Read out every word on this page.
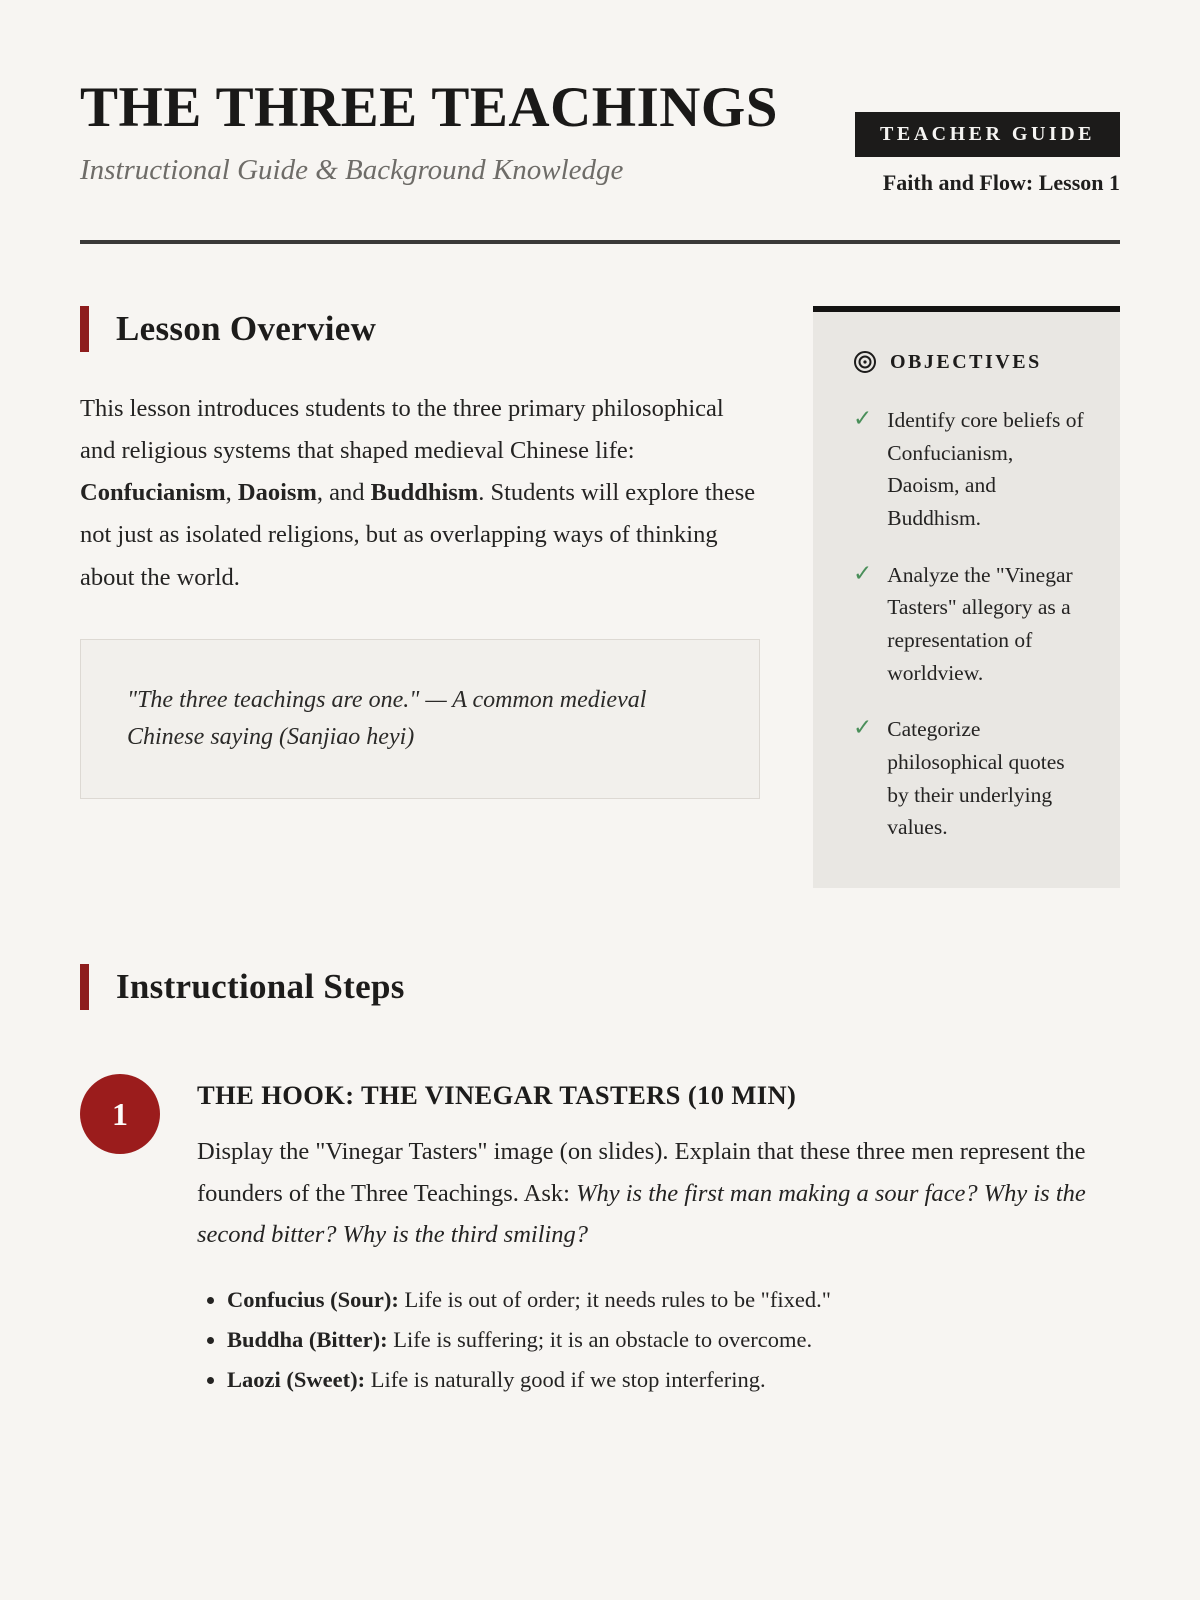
THE THREE TEACHINGS

Instructional Guide & Background Knowledge

TEACHER GUIDE
Faith and Flow: Lesson 1
Lesson Overview

This lesson introduces students to the three primary philosophical and religious systems that shaped medieval Chinese life: Confucianism, Daoism, and Buddhism. Students will explore these not just as isolated religions, but as overlapping ways of thinking about the world.

"The three teachings are one." — A common medieval Chinese saying (Sanjiao heyi)

OBJECTIVES
✓ Identify core beliefs of Confucianism, Daoism, and Buddhism.
✓ Analyze the "Vinegar Tasters" allegory as a representation of worldview.
✓ Categorize philosophical quotes by their underlying values.
Instructional Steps
1
THE HOOK: THE VINEGAR TASTERS (10 MIN)

Display the "Vinegar Tasters" image (on slides). Explain that these three men represent the founders of the Three Teachings. Ask: Why is the first man making a sour face? Why is the second bitter? Why is the third smiling?

• Confucius (Sour): Life is out of order; it needs rules to be "fixed."
• Buddha (Bitter): Life is suffering; it is an obstacle to overcome.
• Laozi (Sweet): Life is naturally good if we stop interfering.
